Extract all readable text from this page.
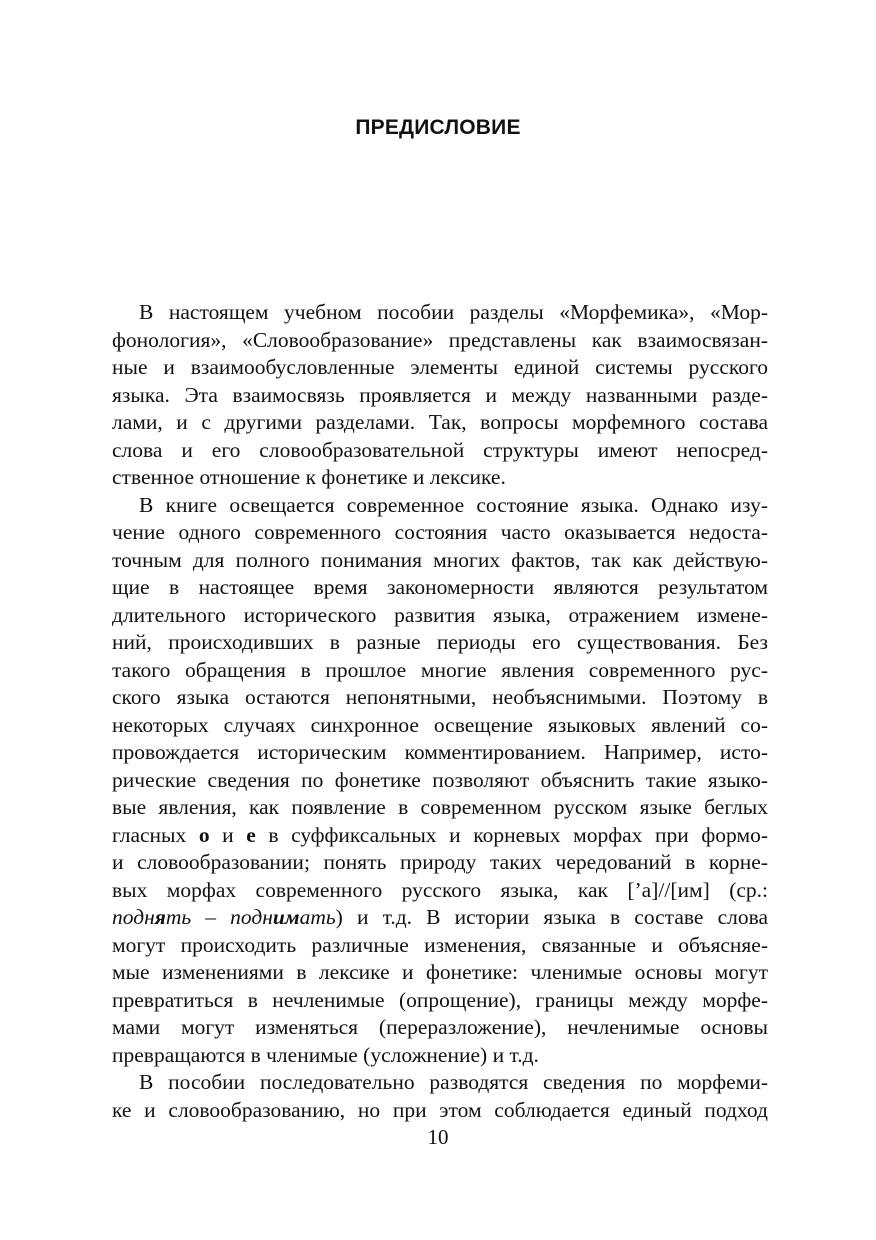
ПРЕДИСЛОВИЕ
В настоящем учебном пособии разделы «Морфемика», «Мор-
фонология», «Словообразование» представлены как взаимосвязан-
ные и взаимообусловленные элементы единой системы русского
языка. Эта взаимосвязь проявляется и между названными разде-
лами, и с другими разделами. Так, вопросы морфемного состава
слова и его словообразовательной структуры имеют непосред-
ственное отношение к фонетике и лексике.
В книге освещается современное состояние языка. Однако изу-
чение одного современного состояния часто оказывается недоста-
точным для полного понимания многих фактов, так как действую-
щие в настоящее время закономерности являются результатом
длительного исторического развития языка, отражением измене-
ний, происходивших в разные периоды его существования. Без
такого обращения в прошлое многие явления современного рус-
ского языка остаются непонятными, необъяснимыми. Поэтому в
некоторых случаях синхронное освещение языковых явлений со-
провождается историческим комментированием. Например, исто-
рические сведения по фонетике позволяют объяснить такие языко-
вые явления, как появление в современном русском языке беглых
гласных о и е в суффиксальных и корневых морфах при формо-
и словообразовании; понять природу таких чередований в корне-
вых морфах современного русского языка, как [’а]//[им] (ср.:
поднять – поднимать) и т.д. В истории языка в составе слова
могут происходить различные изменения, связанные и объясняе-
мые изменениями в лексике и фонетике: членимые основы могут
превратиться в нечленимые (опрощение), границы между морфе-
мами могут изменяться (переразложение), нечленимые основы
превращаются в членимые (усложнение) и т.д.
В пособии последовательно разводятся сведения по морфеми-
ке и словообразованию, но при этом соблюдается единый подход
10
